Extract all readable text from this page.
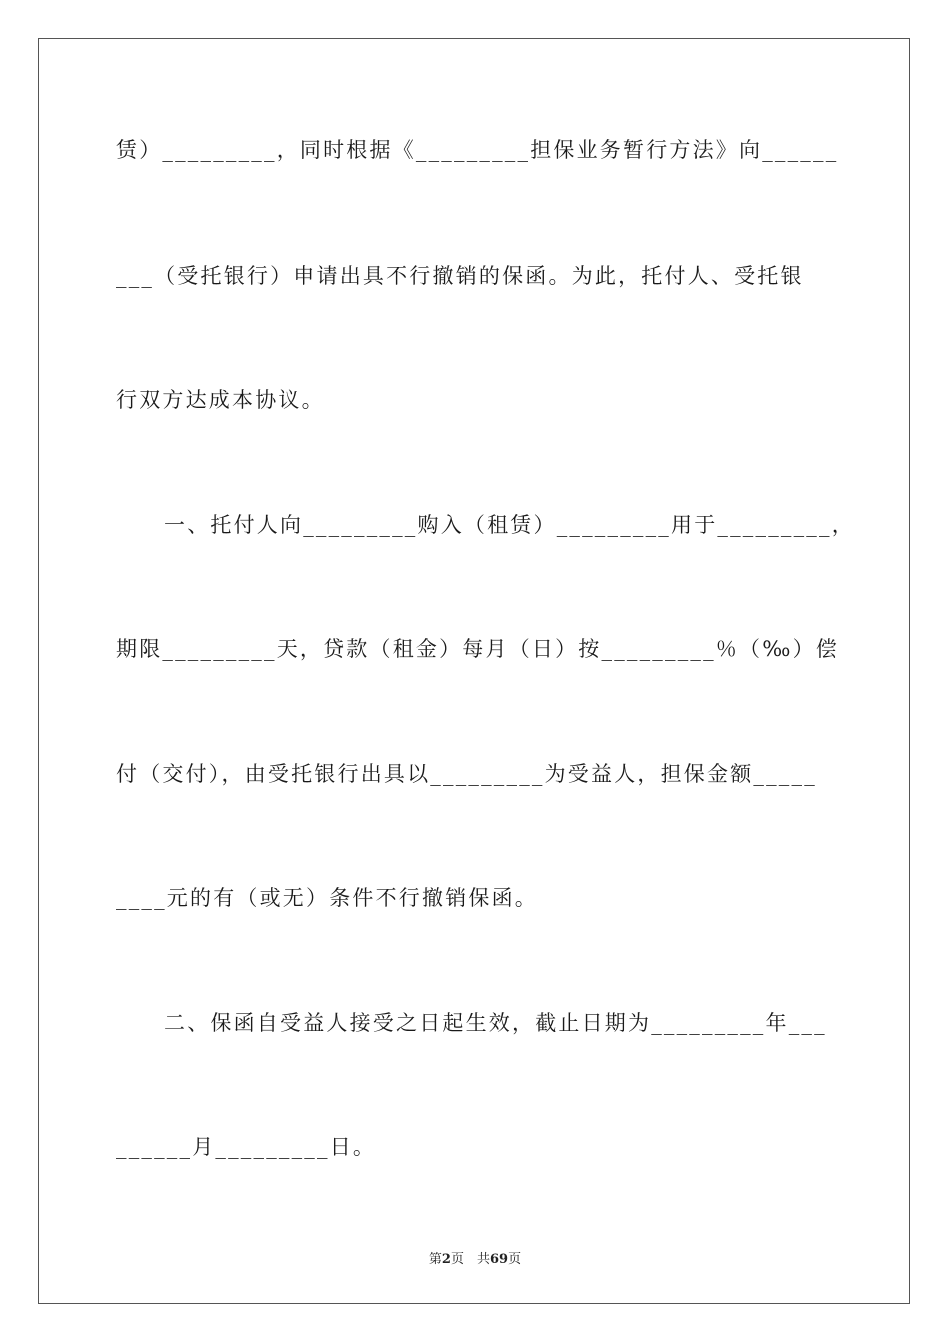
赁）_________，同时根据《_________担保业务暂行方法》向______
___（受托银行）申请出具不行撤销的保函。为此，托付人、受托银
行双方达成本协议。
一、托付人向_________购入（租赁）_________用于_________，
期限_________天，贷款（租金）每月（日）按_________％（‰）偿
付（交付），由受托银行出具以_________为受益人，担保金额_____
____元的有（或无）条件不行撤销保函。
二、保函自受益人接受之日起生效，截止日期为_________年___
______月_________日。
第2页　共69页
